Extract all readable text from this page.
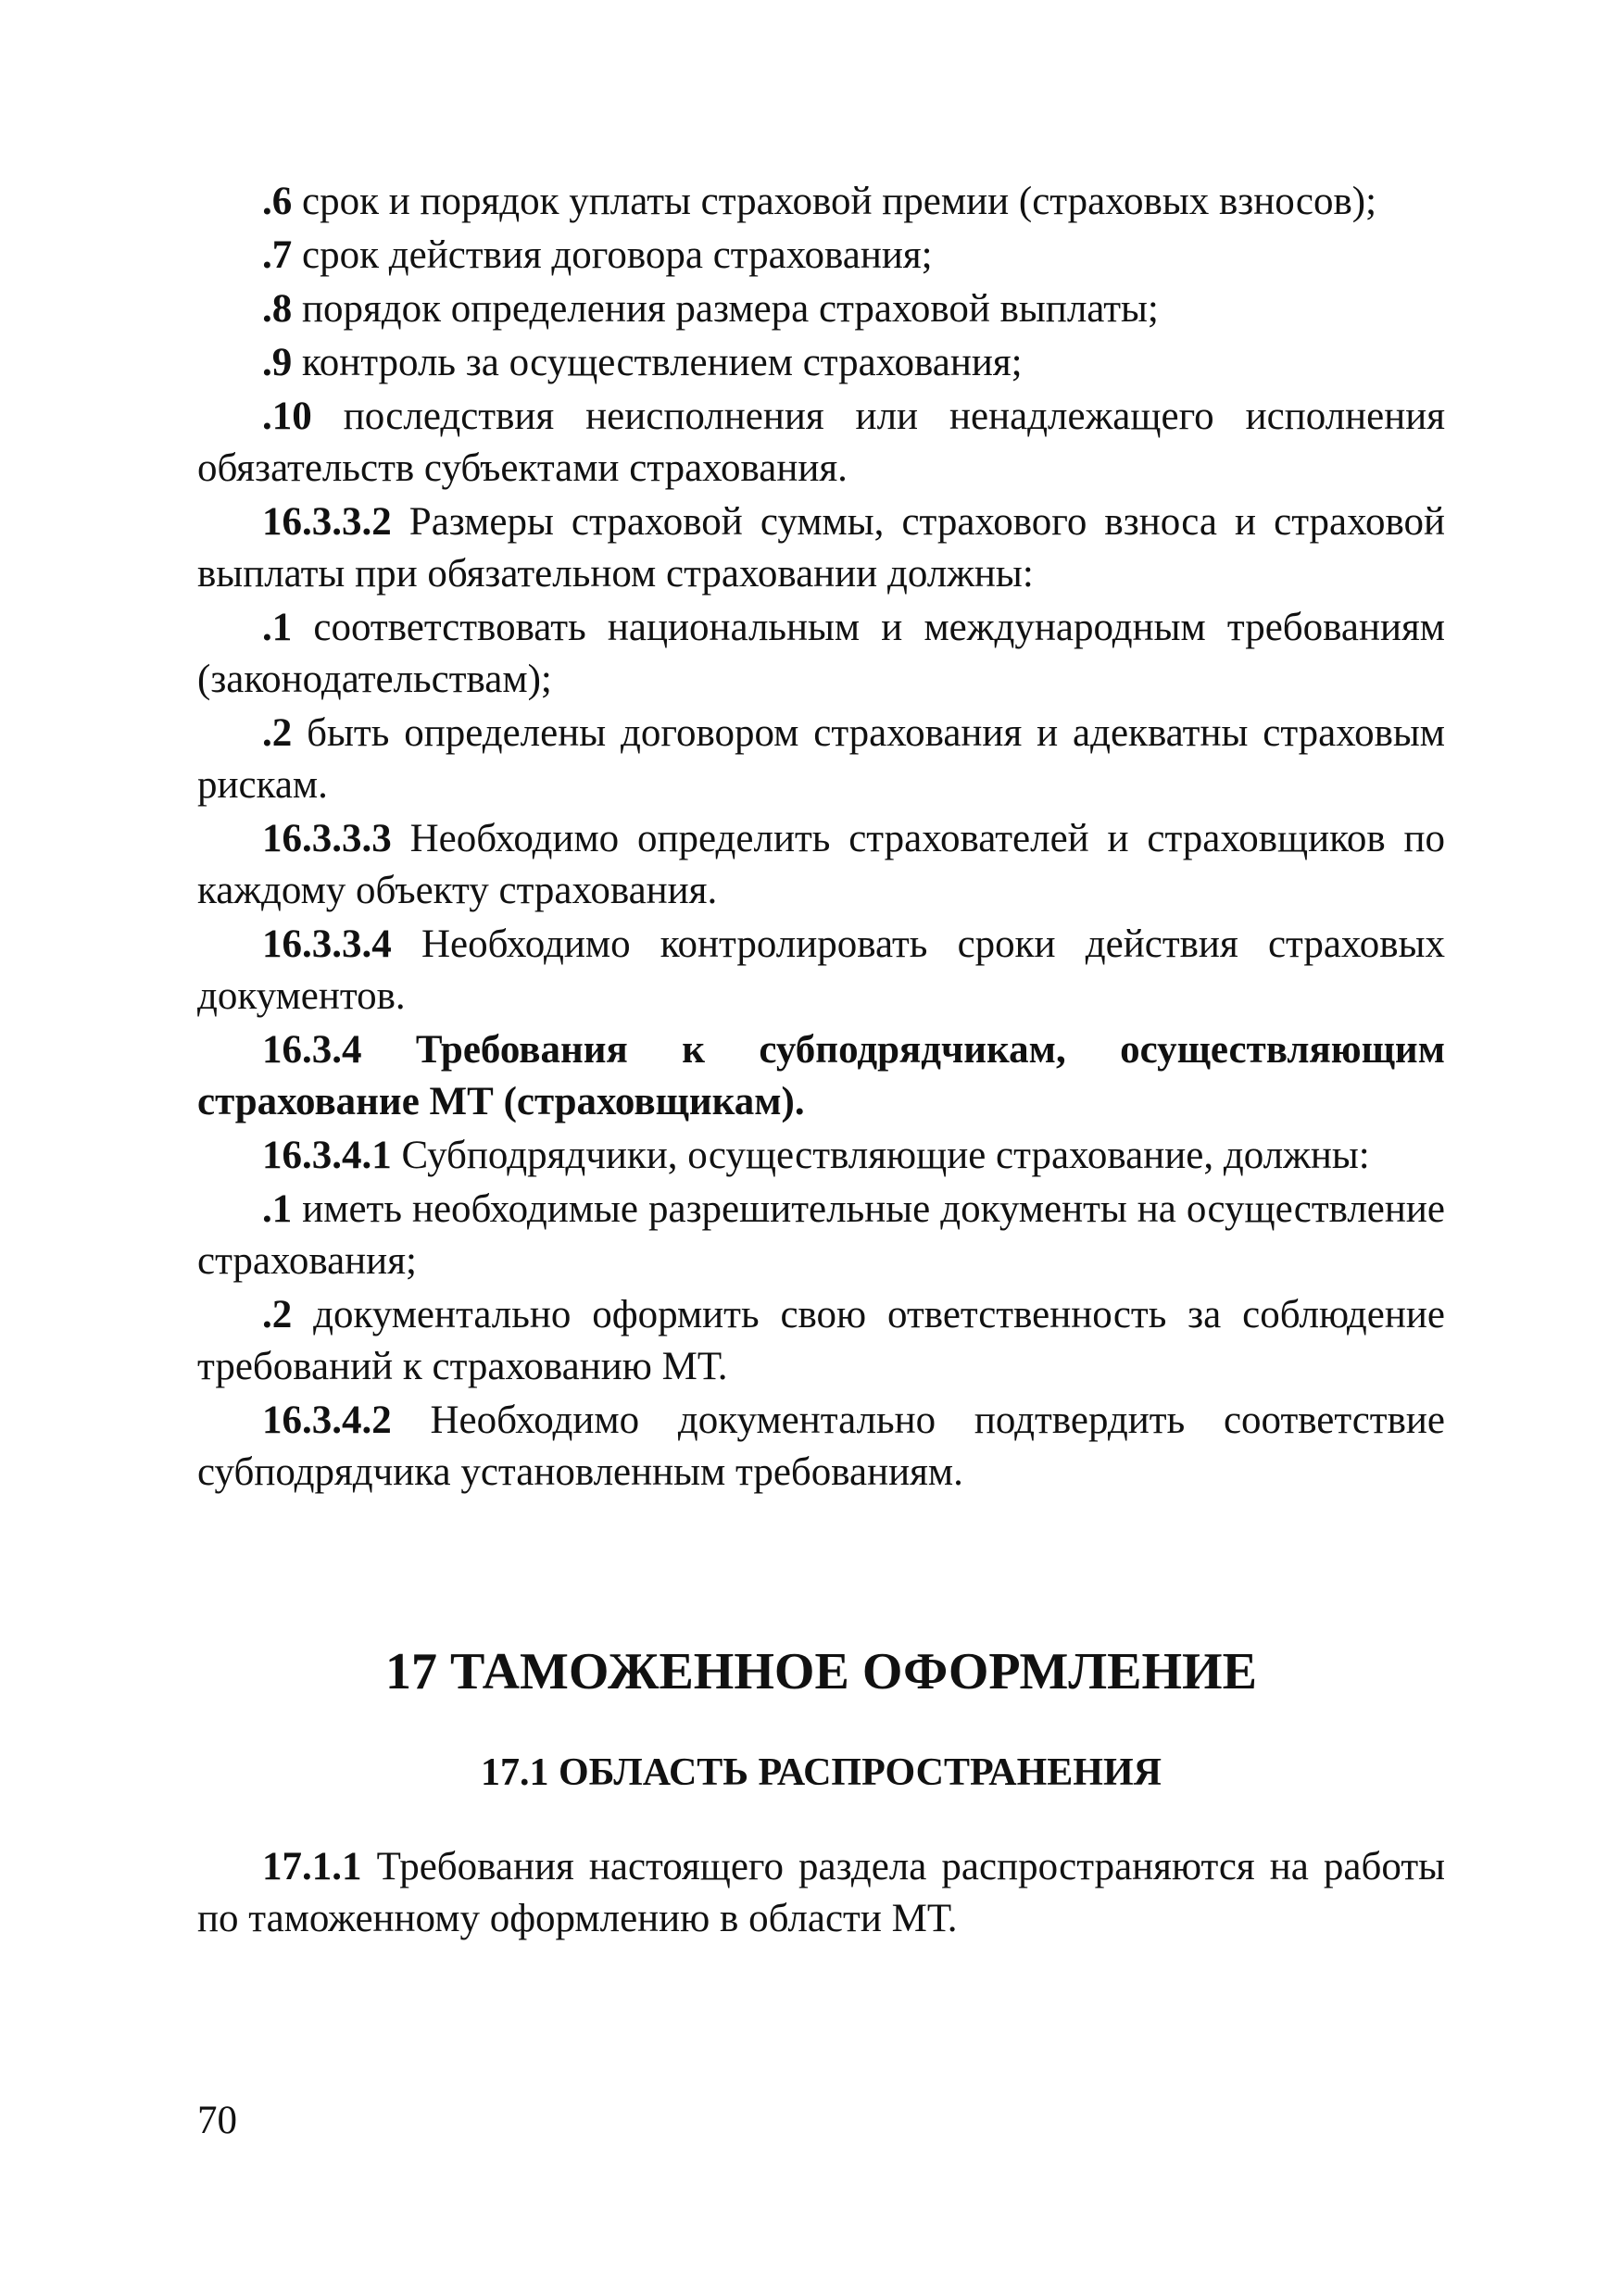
.6 срок и порядок уплаты страховой премии (страховых взносов);

.7 срок действия договора страхования;

.8 порядок определения размера страховой выплаты;

.9 контроль за осуществлением страхования;

.10 последствия неисполнения или ненадлежащего исполнения обязательств субъектами страхования.

16.3.3.2 Размеры страховой суммы, страхового взноса и страховой выплаты при обязательном страховании должны:

.1 соответствовать национальным и международным требованиям (законодательствам);

.2 быть определены договором страхования и адекватны страховым рискам.

16.3.3.3 Необходимо определить страхователей и страховщиков по каждому объекту страхования.

16.3.3.4 Необходимо контролировать сроки действия страховых документов.

16.3.4 Требования к субподрядчикам, осуществляющим страхование МТ (страховщикам).

16.3.4.1 Субподрядчики, осуществляющие страхование, должны:

.1 иметь необходимые разрешительные документы на осуществление страхования;

.2 документально оформить свою ответственность за соблюдение требований к страхованию МТ.

16.3.4.2 Необходимо документально подтвердить соответствие субподрядчика установленным требованиям.

17 ТАМОЖЕННОЕ ОФОРМЛЕНИЕ
17.1 ОБЛАСТЬ РАСПРОСТРАНЕНИЯ

17.1.1 Требования настоящего раздела распространяются на работы по таможенному оформлению в области МТ.

70
